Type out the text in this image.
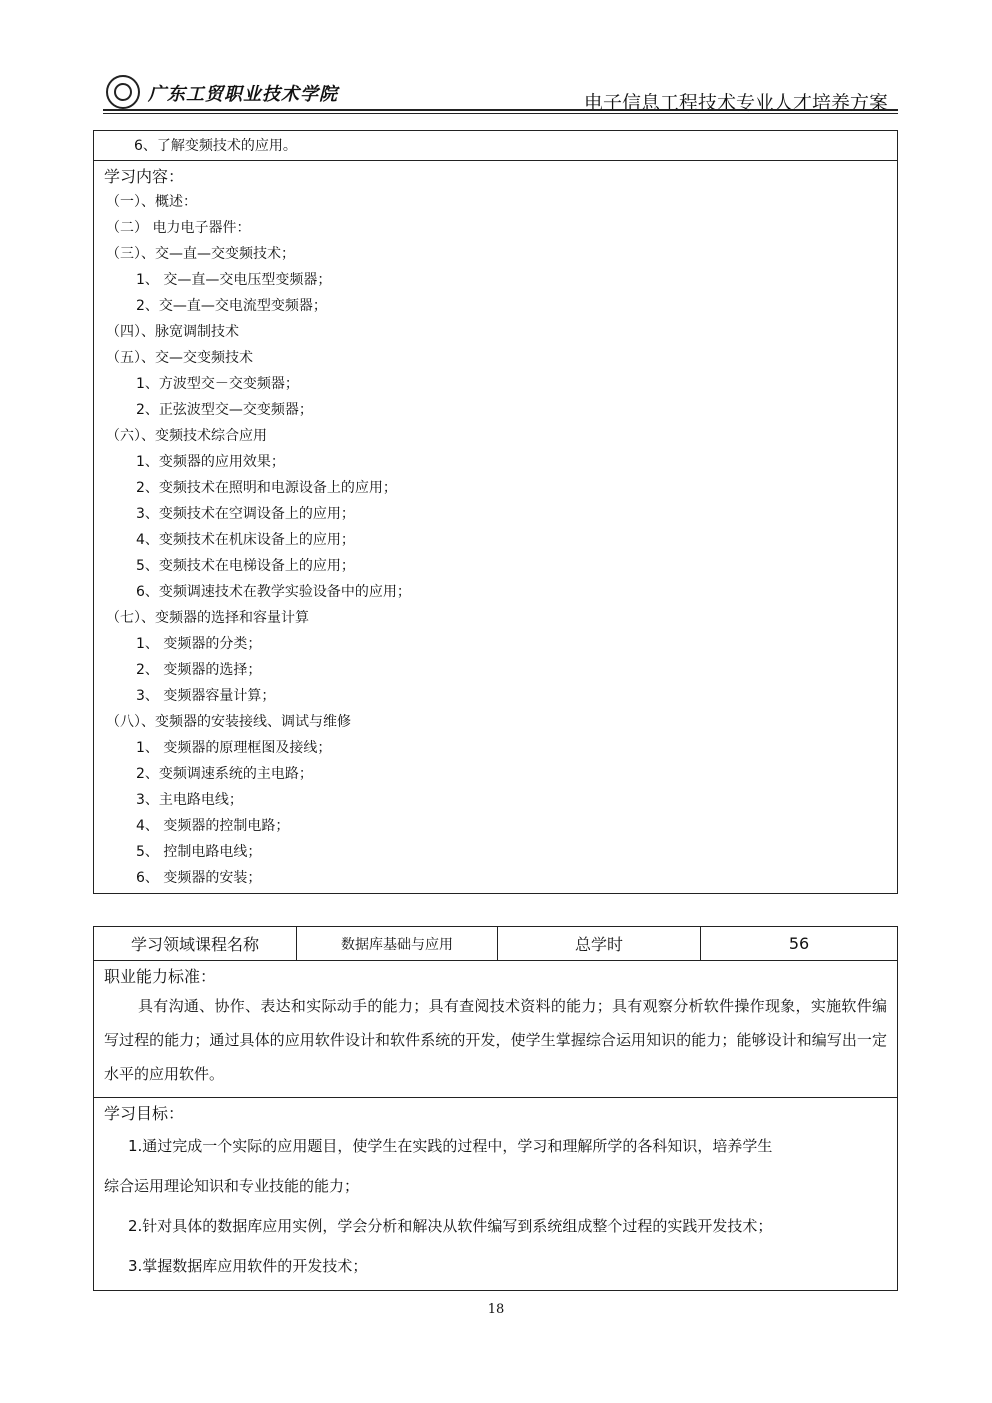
广东工贸职业技术学院	电子信息工程技术专业人才培养方案
6、了解变频技术的应用。
学习内容：
（一）、概述：
（二） 电力电子器件：
（三）、交—直—交变频技术；
1、 交—直—交电压型变频器；
2、交—直—交电流型变频器；
（四）、脉宽调制技术
（五）、交—交变频技术
1、方波型交－交变频器；
2、正弦波型交—交变频器；
（六）、变频技术综合应用
1、变频器的应用效果；
2、变频技术在照明和电源设备上的应用；
3、变频技术在空调设备上的应用；
4、变频技术在机床设备上的应用；
5、变频技术在电梯设备上的应用；
6、变频调速技术在教学实验设备中的应用；
（七）、变频器的选择和容量计算
1、 变频器的分类；
2、 变频器的选择；
3、 变频器容量计算；
（八）、变频器的安装接线、调试与维修
1、 变频器的原理框图及接线；
2、变频调速系统的主电路；
3、主电路电线；
4、 变频器的控制电路；
5、 控制电路电线；
6、 变频器的安装；
学习领域课程名称	数据库基础与应用	总学时	56
职业能力标准：
具有沟通、协作、表达和实际动手的能力；具有查阅技术资料的能力；具有观察分析软件操作现象，实施软件编写过程的能力；通过具体的应用软件设计和软件系统的开发，使学生掌握综合运用知识的能力；能够设计和编写出一定水平的应用软件。
学习目标：
1.通过完成一个实际的应用题目，使学生在实践的过程中，学习和理解所学的各科知识，培养学生
综合运用理论知识和专业技能的能力；
2.针对具体的数据库应用实例，学会分析和解决从软件编写到系统组成整个过程的实践开发技术；
3.掌握数据库应用软件的开发技术；
18
